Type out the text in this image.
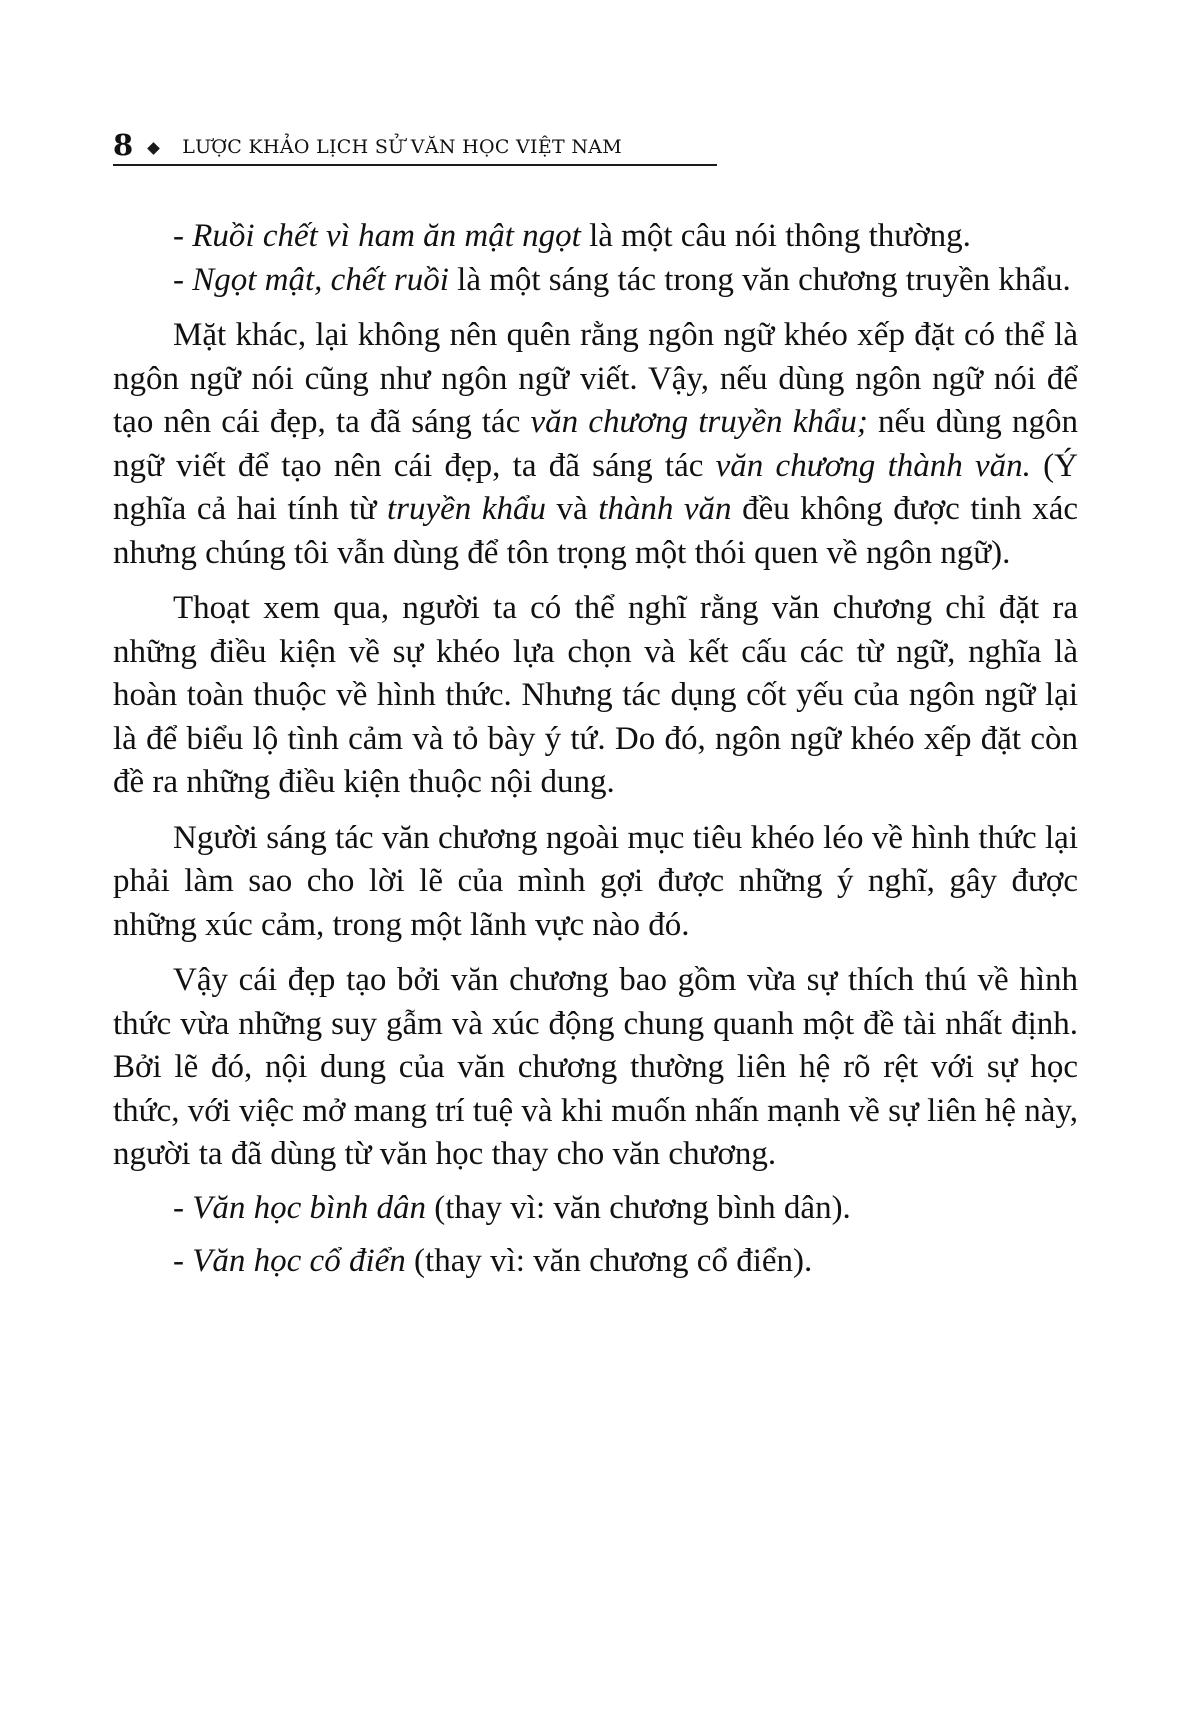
8	LƯỢC KHẢO LỊCH SỬ VĂN HỌC VIỆT NAM

- Ruồi chết vì ham ăn mật ngọt là một câu nói thông thường.

- Ngọt mật, chết ruồi là một sáng tác trong văn chương truyền khẩu.

Mặt khác, lại không nên quên rằng ngôn ngữ khéo xếp đặt có thể là ngôn ngữ nói cũng như ngôn ngữ viết. Vậy, nếu dùng ngôn ngữ nói để tạo nên cái đẹp, ta đã sáng tác văn chương truyền khẩu; nếu dùng ngôn ngữ viết để tạo nên cái đẹp, ta đã sáng tác văn chương thành văn. (Ý nghĩa cả hai tính từ truyền khẩu và thành văn đều không được tinh xác nhưng chúng tôi vẫn dùng để tôn trọng một thói quen về ngôn ngữ).

Thoạt xem qua, người ta có thể nghĩ rằng văn chương chỉ đặt ra những điều kiện về sự khéo lựa chọn và kết cấu các từ ngữ, nghĩa là hoàn toàn thuộc về hình thức. Nhưng tác dụng cốt yếu của ngôn ngữ lại là để biểu lộ tình cảm và tỏ bày ý tứ. Do đó, ngôn ngữ khéo xếp đặt còn đề ra những điều kiện thuộc nội dung.

Người sáng tác văn chương ngoài mục tiêu khéo léo về hình thức lại phải làm sao cho lời lẽ của mình gợi được những ý nghĩ, gây được những xúc cảm, trong một lãnh vực nào đó.

Vậy cái đẹp tạo bởi văn chương bao gồm vừa sự thích thú về hình thức vừa những suy gẫm và xúc động chung quanh một đề tài nhất định. Bởi lẽ đó, nội dung của văn chương thường liên hệ rõ rệt với sự học thức, với việc mở mang trí tuệ và khi muốn nhấn mạnh về sự liên hệ này, người ta đã dùng từ văn học thay cho văn chương.

- Văn học bình dân (thay vì: văn chương bình dân).

- Văn học cổ điển (thay vì: văn chương cổ điển).
